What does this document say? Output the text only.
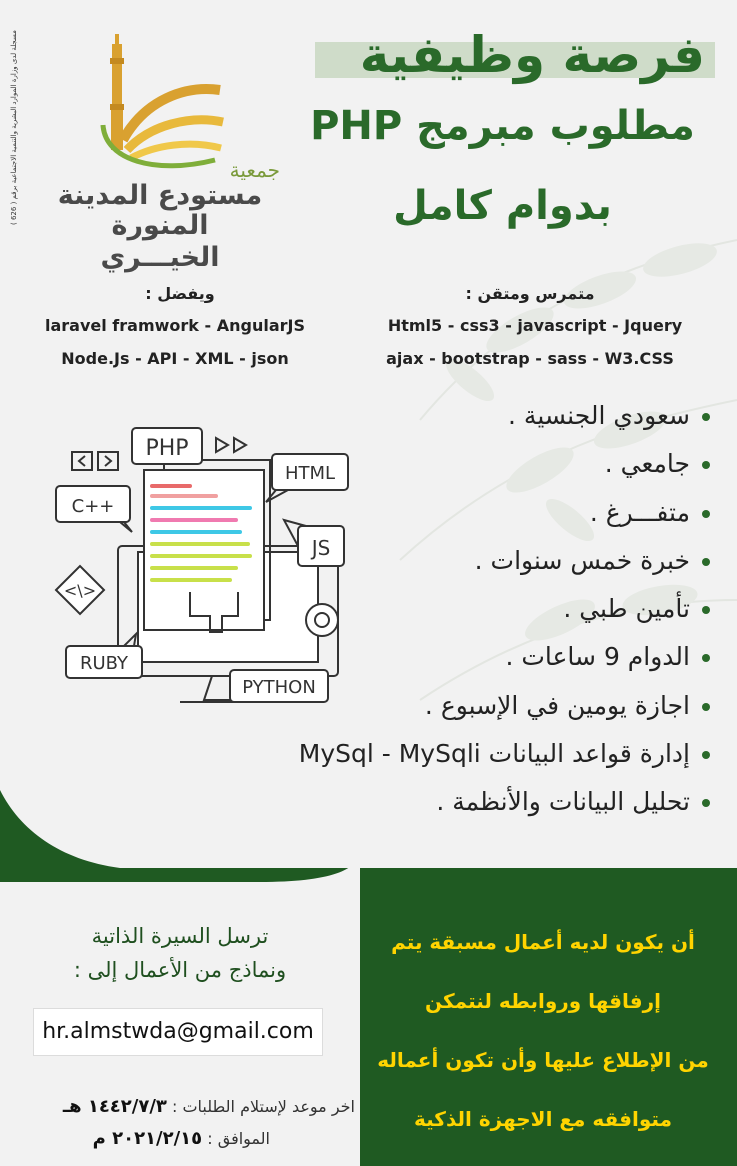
مسجلة لدى وزارة الموارد البشرية والتنمية الاجتماعية برقم ( 626 )	جمعية
مستودع المدينة
المنورة الخيـــري
فرصة وظيفية
مطلوب مبرمج PHP
بدوام كامل
متمرس ومتقن :
Html5 - css3 - javascript - Jquery
ajax - bootstrap - sass - W3.CSS
ويفضل :
laravel framwork - AngularJS
Node.Js - API - XML - json
سعودي الجنسية .
جامعي .
متفـــرغ .
خبرة خمس سنوات .
تأمين طبي .
الدوام 9 ساعات .
اجازة يومين في الإسبوع .
إدارة قواعد البيانات MySql - MySqli
تحليل البيانات والأنظمة .
PHP
HTML
C++
JS
<\>
RUBY
PYTHON
أن يكون لديه أعمال مسبقة يتم
إرفاقها وروابطه لنتمكن
من الإطلاع عليها وأن تكون أعماله
متوافقه مع الاجهزة الذكية
ترسل السيرة الذاتية
ونماذج من الأعمال إلى :
hr.almstwda@gmail.com
اخر موعد لإستلام الطلبات : ١٤٤٢/٧/٣ هـ
الموافق : ٢٠٢١/٢/١٥ م
